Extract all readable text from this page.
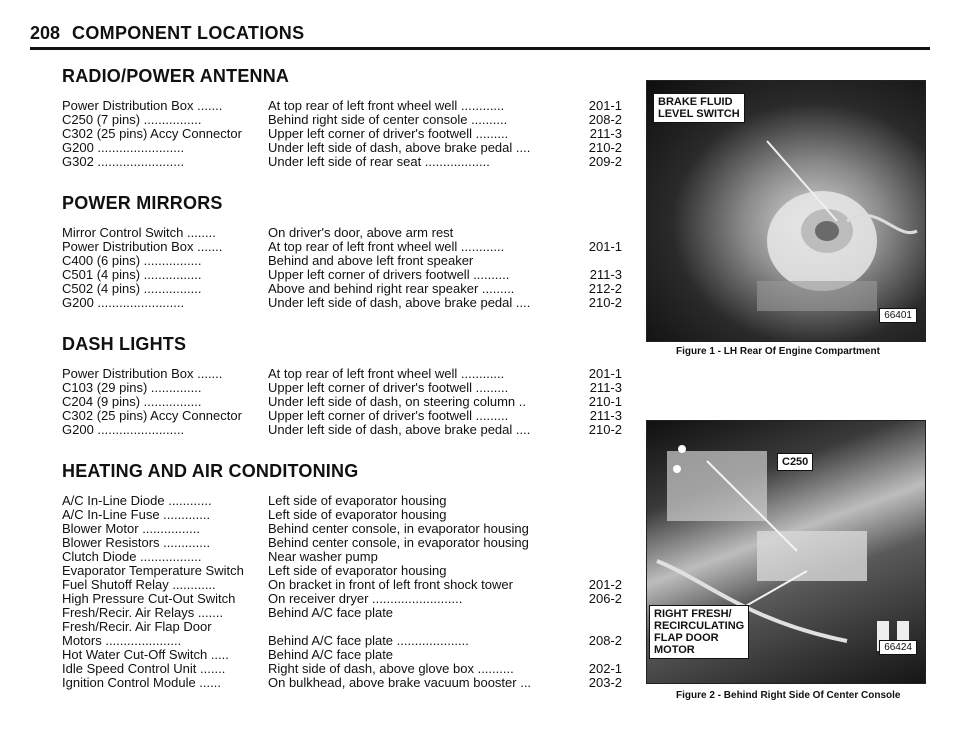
208 COMPONENT LOCATIONS
RADIO/POWER ANTENNA
Power Distribution Box .......	At top rear of left front wheel well ............	201-1
C250 (7 pins) ................	Behind right side of center console ..........	208-2
C302 (25 pins) Accy Connector	Upper left corner of driver's footwell .........	211-3
G200 ........................	Under left side of dash, above brake pedal ....	210-2
G302 ........................	Under left side of rear seat ..................	209-2
POWER MIRRORS
Mirror Control Switch ........	On driver's door, above arm rest
Power Distribution Box .......	At top rear of left front wheel well ............	201-1
C400 (6 pins) ................	Behind and above left front speaker
C501 (4 pins) ................	Upper left corner of drivers footwell ..........	211-3
C502 (4 pins) ................	Above and behind right rear speaker .........	212-2
G200 ........................	Under left side of dash, above brake pedal ....	210-2
DASH LIGHTS
Power Distribution Box .......	At top rear of left front wheel well ............	201-1
C103 (29 pins) ..............	Upper left corner of driver's footwell .........	211-3
C204 (9 pins) ................	Under left side of dash, on steering column ..	210-1
C302 (25 pins) Accy Connector	Upper left corner of driver's footwell .........	211-3
G200 ........................	Under left side of dash, above brake pedal ....	210-2
HEATING AND AIR CONDITONING
A/C In-Line Diode ............	Left side of evaporator housing
A/C In-Line Fuse .............	Left side of evaporator housing
Blower Motor ................	Behind center console, in evaporator housing
Blower Resistors .............	Behind center console, in evaporator housing
Clutch Diode .................	Near washer pump
Evaporator Temperature Switch	Left side of evaporator housing
Fuel Shutoff Relay ............	On bracket in front of left front shock tower	201-2
High Pressure Cut-Out Switch	On receiver dryer .........................	206-2
Fresh/Recir. Air Relays .......	Behind A/C face plate
Fresh/Recir. Air Flap Door
Motors .....................	Behind A/C face plate ....................	208-2
Hot Water Cut-Off Switch .....	Behind A/C face plate
Idle Speed Control Unit .......	Right side of dash, above glove box ..........	202-1
Ignition Control Module ......	On bulkhead, above brake vacuum booster ...	203-2
BRAKE FLUID
LEVEL SWITCH
66401
Figure 1 - LH Rear Of Engine Compartment
C250
RIGHT FRESH/
RECIRCULATING
FLAP DOOR
MOTOR	66424
Figure 2 - Behind Right Side Of Center Console
